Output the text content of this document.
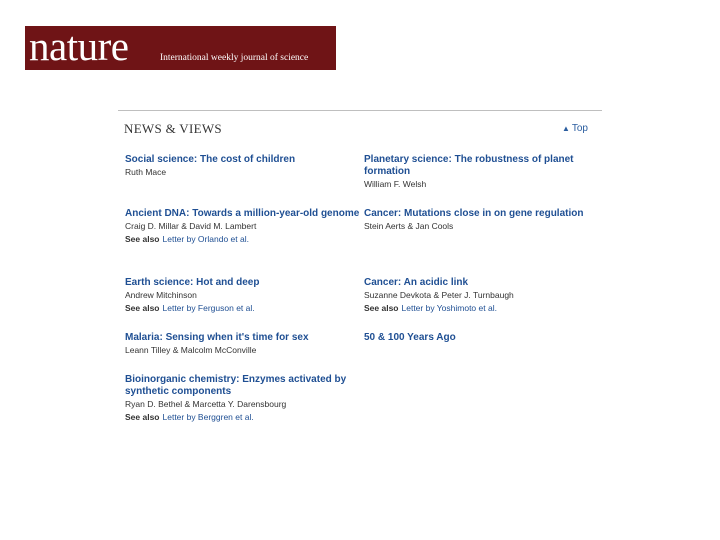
nature	International weekly journal of science
NEWS & VIEWS	▲ Top
Social science: The cost of children
Ruth Mace
Ancient DNA: Towards a million-year-old genome
Craig D. Millar & David M. Lambert
See also Letter by Orlando et al.
Earth science: Hot and deep
Andrew Mitchinson
See also Letter by Ferguson et al.
Malaria: Sensing when it's time for sex
Leann Tilley & Malcolm McConville
Bioinorganic chemistry: Enzymes activated by synthetic components
Ryan D. Bethel & Marcetta Y. Darensbourg
See also Letter by Berggren et al.
Planetary science: The robustness of planet formation
William F. Welsh
Cancer: Mutations close in on gene regulation
Stein Aerts & Jan Cools
Cancer: An acidic link
Suzanne Devkota & Peter J. Turnbaugh
See also Letter by Yoshimoto et al.
50 & 100 Years Ago
